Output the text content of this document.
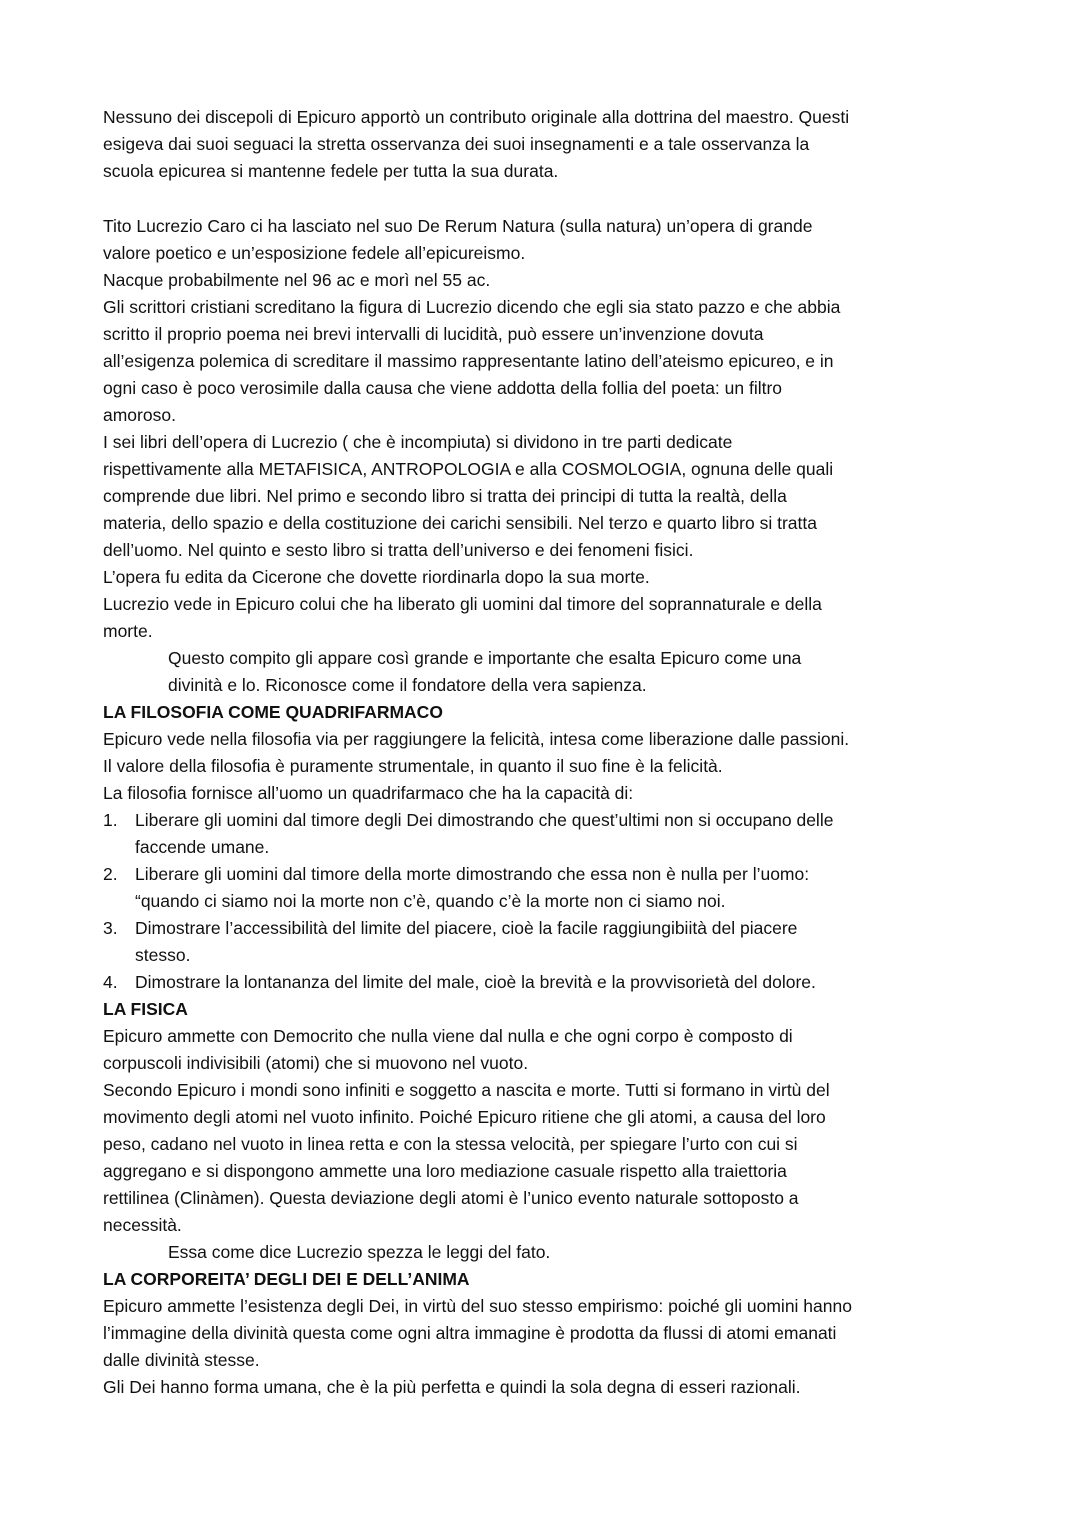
Nessuno dei discepoli di Epicuro apportò un contributo originale alla dottrina del maestro. Questi
esigeva dai suoi seguaci la stretta osservanza dei suoi insegnamenti e a tale osservanza la
scuola epicurea si mantenne fedele per tutta la sua durata.
Tito Lucrezio Caro ci ha lasciato nel suo De Rerum Natura (sulla natura) un’opera di grande
valore poetico e un’esposizione fedele all’epicureismo.
Nacque probabilmente nel 96 ac e morì nel 55 ac.
Gli scrittori cristiani screditano la figura di Lucrezio dicendo che egli sia stato pazzo e che abbia
scritto il proprio poema nei brevi intervalli di lucidità, può essere un’invenzione dovuta
all’esigenza polemica di screditare il massimo rappresentante latino dell’ateismo epicureo, e in
ogni caso è poco verosimile dalla causa che viene addotta della follia del poeta: un filtro
amoroso.
I sei libri dell’opera di Lucrezio ( che è incompiuta) si dividono in tre parti dedicate
rispettivamente alla METAFISICA, ANTROPOLOGIA e alla COSMOLOGIA, ognuna delle quali
comprende due libri. Nel primo e secondo libro si tratta dei principi di tutta la realtà, della
materia, dello spazio e della costituzione dei carichi sensibili. Nel terzo e quarto libro si tratta
dell’uomo. Nel quinto e sesto libro si tratta dell’universo e dei fenomeni fisici.
L’opera fu edita da Cicerone che dovette riordinarla dopo la sua morte.
Lucrezio vede in Epicuro colui che ha liberato gli uomini dal timore del soprannaturale e della
morte.
Questo compito gli appare così grande e importante che esalta Epicuro come una
divinità e lo. Riconosce come il fondatore della vera sapienza.
LA FILOSOFIA COME QUADRIFARMACO
Epicuro vede nella filosofia via per raggiungere la felicità, intesa come liberazione dalle passioni.
Il valore della filosofia è puramente strumentale, in quanto il suo fine è la felicità.
La filosofia fornisce all’uomo un quadrifarmaco che ha la capacità di:
1. Liberare gli uomini dal timore degli Dei dimostrando che quest’ultimi non si occupano delle
faccende umane.
2. Liberare gli uomini dal timore della morte dimostrando che essa non è nulla per l’uomo:
“quando ci siamo noi la morte non c’è, quando c’è la morte non ci siamo noi.
3. Dimostrare l’accessibilità del limite del piacere, cioè la facile raggiungibiità del piacere
stesso.
4. Dimostrare la lontananza del limite del male, cioè la brevità e la provvisorietà del dolore.
LA FISICA
Epicuro ammette con Democrito che nulla viene dal nulla e che ogni corpo è composto di
corpuscoli indivisibili (atomi) che si muovono nel vuoto.
Secondo Epicuro i mondi sono infiniti e soggetto a nascita e morte. Tutti si formano in virtù del
movimento degli atomi nel vuoto infinito. Poiché Epicuro ritiene che gli atomi, a causa del loro
peso, cadano nel vuoto in linea retta e con la stessa velocità, per spiegare l’urto con cui si
aggregano e si dispongono ammette una loro mediazione casuale rispetto alla traiettoria
rettilinea (Clinàmen). Questa deviazione degli atomi è l’unico evento naturale sottoposto a
necessità.
Essa come dice Lucrezio spezza le leggi del fato.
LA CORPOREITA’ DEGLI DEI E DELL’ANIMA
Epicuro ammette l’esistenza degli Dei, in virtù del suo stesso empirismo: poiché gli uomini hanno
l’immagine della divinità questa come ogni altra immagine è prodotta da flussi di atomi emanati
dalle divinità stesse.
Gli Dei hanno forma umana, che è la più perfetta e quindi la sola degna di esseri razionali.
